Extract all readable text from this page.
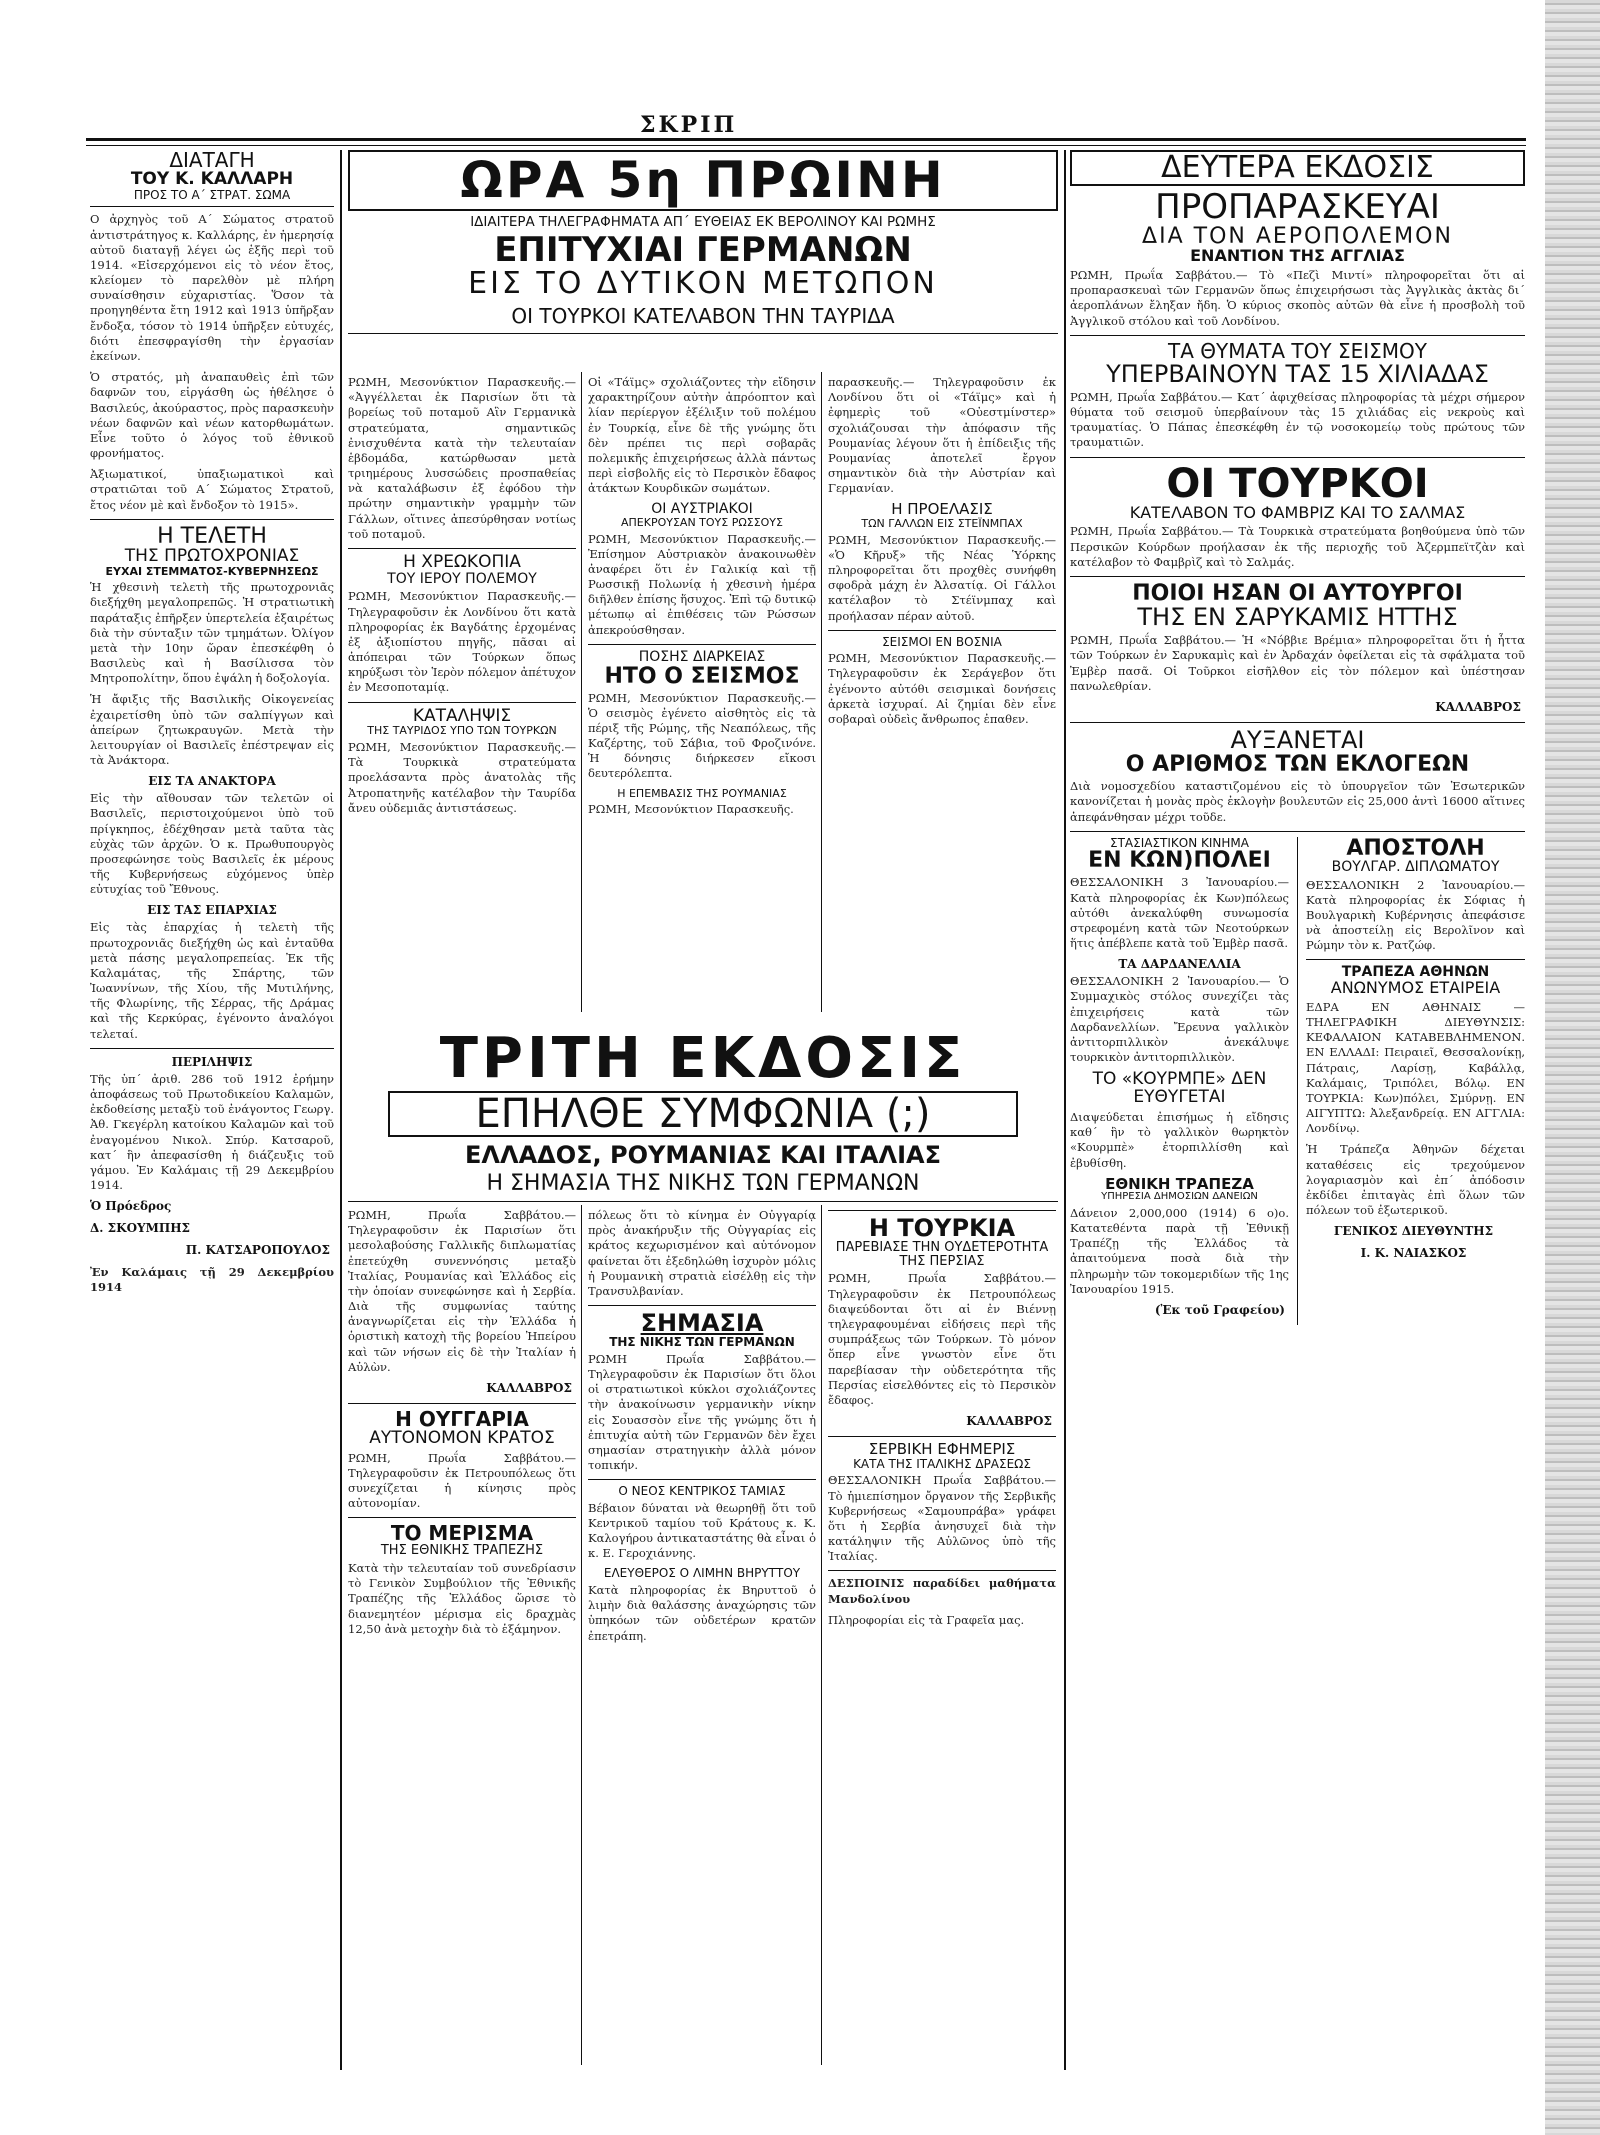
ΣΚΡΙΠ
ΔΙΑΤΑΓΗ
ΤΟΥ Κ. ΚΑΛΛΑΡΗ
ΠΡΟΣ ΤΟ Α΄ ΣΤΡΑΤ. ΣΩΜΑ
Ο ἀρχηγὸς τοῦ Α΄ Σώματος στρατοῦ ἀντιστράτηγος κ. Καλλάρης, ἐν ἡμερησίᾳ αὐτοῦ διαταγῇ λέγει ὡς ἑξῆς περὶ τοῦ 1914. «Εἰσερχόμενοι εἰς τὸ νέον ἔτος, κλείομεν τὸ παρελθὸν μὲ πλήρη συναίσθησιν εὐχαριστίας. Ὅσον τὰ προηγηθέντα ἔτη 1912 καὶ 1913 ὑπῆρξαν ἔνδοξα, τόσον τὸ 1914 ὑπῆρξεν εὐτυχές, διότι ἐπεσφραγίσθη τὴν ἐργασίαν ἐκείνων.
Ὁ στρατός, μὴ ἀναπαυθεὶς ἐπὶ τῶν δαφνῶν του, εἰργάσθη ὡς ἠθέλησε ὁ Βασιλεύς, ἀκούραστος, πρὸς παρασκευὴν νέων δαφνῶν καὶ νέων κατορθωμάτων. Εἶνε τοῦτο ὁ λόγος τοῦ ἐθνικοῦ φρονήματος.
Ἀξιωματικοί, ὑπαξιωματικοὶ καὶ στρατιῶται τοῦ Α΄ Σώματος Στρατοῦ, ἔτος νέον μὲ καὶ ἔνδοξον τὸ 1915».
Η ΤΕΛΕΤΗ
ΤΗΣ ΠΡΩΤΟΧΡΟΝΙΑΣ
ΕΥΧΑΙ ΣΤΕΜΜΑΤΟΣ-ΚΥΒΕΡΝΗΣΕΩΣ
Ἡ χθεσινὴ τελετὴ τῆς πρωτοχρονιᾶς διεξήχθη μεγαλοπρεπῶς. Ἡ στρατιωτικὴ παράταξις ἐπῆρξεν ὑπερτελεία ἐξαιρέτως διὰ τὴν σύνταξιν τῶν τμημάτων. Ὀλίγον μετὰ τὴν 10ην ὥραν ἐπεσκέφθη ὁ Βασιλεὺς καὶ ἡ Βασίλισσα τὸν Μητροπολίτην, ὅπου ἐψάλη ἡ δοξολογία.
Ἡ ἄφιξις τῆς Βασιλικῆς Οἰκογενείας ἐχαιρετίσθη ὑπὸ τῶν σαλπίγγων καὶ ἀπείρων ζητωκραυγῶν. Μετὰ τὴν λειτουργίαν οἱ Βασιλεῖς ἐπέστρεψαν εἰς τὰ Ἀνάκτορα.
ΕΙΣ ΤΑ ΑΝΑΚΤΟΡΑ
Εἰς τὴν αἴθουσαν τῶν τελετῶν οἱ Βασιλεῖς, περιστοιχούμενοι ὑπὸ τοῦ πρίγκηπος, ἐδέχθησαν μετὰ ταῦτα τὰς εὐχὰς τῶν ἀρχῶν. Ὁ κ. Πρωθυπουργὸς προσεφώνησε τοὺς Βασιλεῖς ἐκ μέρους τῆς Κυβερνήσεως εὐχόμενος ὑπὲρ εὐτυχίας τοῦ Ἔθνους.
ΕΙΣ ΤΑΣ ΕΠΑΡΧΙΑΣ
Εἰς τὰς ἐπαρχίας ἡ τελετὴ τῆς πρωτοχρονιᾶς διεξήχθη ὡς καὶ ἐνταῦθα μετὰ πάσης μεγαλοπρεπείας. Ἐκ τῆς Καλαμάτας, τῆς Σπάρτης, τῶν Ἰωαννίνων, τῆς Χίου, τῆς Μυτιλήνης, τῆς Φλωρίνης, τῆς Σέρρας, τῆς Δράμας καὶ τῆς Κερκύρας, ἐγένοντο ἀναλόγοι τελεταί.
ΠΕΡΙΛΗΨΙΣ
Τῆς ὑπ΄ ἀριθ. 286 τοῦ 1912 ἐρήμην ἀποφάσεως τοῦ Πρωτοδικείου Καλαμῶν, ἐκδοθείσης μεταξὺ τοῦ ἐνάγοντος Γεωργ. Ἀθ. Γκεγέρλη κατοίκου Καλαμῶν καὶ τοῦ ἐναγομένου Νικολ. Σπύρ. Κατσαροῦ, κατ΄ ἣν ἀπεφασίσθη ἡ διάζευξις τοῦ γάμου. Ἐν Καλάμαις τῇ 29 Δεκεμβρίου 1914.
Ὁ Πρόεδρος
Δ. ΣΚΟΥΜΠΗΣ
Π. ΚΑΤΣΑΡΟΠΟΥΛΟΣ
Ἐν Καλάμαις τῇ 29 Δεκεμβρίου 1914
ΩΡΑ 5η ΠΡΩΙΝΗ
ΙΔΙΑΙΤΕΡΑ ΤΗΛΕΓΡΑΦΗΜΑΤΑ ΑΠ΄ ΕΥΘΕΙΑΣ ΕΚ ΒΕΡΟΛΙΝΟΥ ΚΑΙ ΡΩΜΗΣ
ΕΠΙΤΥΧΙΑΙ ΓΕΡΜΑΝΩΝ
ΕΙΣ ΤΟ ΔΥΤΙΚΟΝ ΜΕΤΩΠΟΝ
ΟΙ ΤΟΥΡΚΟΙ ΚΑΤΕΛΑΒΟΝ ΤΗΝ ΤΑΥΡΙΔΑ
ΡΩΜΗ, Μεσονύκτιον Παρασκευῆς.— «Ἀγγέλλεται ἐκ Παρισίων ὅτι τὰ βορείως τοῦ ποταμοῦ Αἲν Γερμανικὰ στρατεύματα, σημαντικῶς ἐνισχυθέντα κατὰ τὴν τελευταίαν ἑβδομάδα, κατώρθωσαν μετὰ τριημέρους λυσσώδεις προσπαθείας νὰ καταλάβωσιν ἐξ ἐφόδου τὴν πρώτην σημαντικὴν γραμμὴν τῶν Γάλλων, οἵτινες ἀπεσύρθησαν νοτίως τοῦ ποταμοῦ.
Η ΧΡΕΩΚΟΠΙΑ
ΤΟΥ ΙΕΡΟΥ ΠΟΛΕΜΟΥ
ΡΩΜΗ, Μεσονύκτιον Παρασκευῆς.— Τηλεγραφοῦσιν ἐκ Λονδίνου ὅτι κατὰ πληροφορίας ἐκ Βαγδάτης ἐρχομένας ἐξ ἀξιοπίστου πηγῆς, πᾶσαι αἱ ἀπόπειραι τῶν Τούρκων ὅπως κηρύξωσι τὸν Ἱερὸν πόλεμον ἀπέτυχον ἐν Μεσοποταμίᾳ.
ΚΑΤΑΛΗΨΙΣ
ΤΗΣ ΤΑΥΡΙΔΟΣ ΥΠΟ ΤΩΝ ΤΟΥΡΚΩΝ
ΡΩΜΗ, Μεσονύκτιον Παρασκευῆς.— Τὰ Τουρκικὰ στρατεύματα προελάσαντα πρὸς ἀνατολὰς τῆς Ἀτροπατηνῆς κατέλαβον τὴν Ταυρίδα ἄνευ οὐδεμιᾶς ἀντιστάσεως.
Οἱ «Τάϊμς» σχολιάζοντες τὴν εἴδησιν χαρακτηρίζουν αὐτὴν ἀπρόοπτον καὶ λίαν περίεργον ἐξέλιξιν τοῦ πολέμου ἐν Τουρκίᾳ, εἶνε δὲ τῆς γνώμης ὅτι δὲν πρέπει τις περὶ σοβαρᾶς πολεμικῆς ἐπιχειρήσεως ἀλλὰ πάντως περὶ εἰσβολῆς εἰς τὸ Περσικὸν ἔδαφος ἀτάκτων Κουρδικῶν σωμάτων.
ΟΙ ΑΥΣΤΡΙΑΚΟΙ
ΑΠΕΚΡΟΥΣΑΝ ΤΟΥΣ ΡΩΣΣΟΥΣ
ΡΩΜΗ, Μεσονύκτιον Παρασκευῆς.— Ἐπίσημον Αὐστριακὸν ἀνακοινωθὲν ἀναφέρει ὅτι ἐν Γαλικίᾳ καὶ τῇ Ρωσσικῇ Πολωνίᾳ ἡ χθεσινὴ ἡμέρα διῆλθεν ἐπίσης ἥσυχος. Ἐπὶ τῷ δυτικῷ μέτωπῳ αἱ ἐπιθέσεις τῶν Ρώσσων ἀπεκρούσθησαν.
ΠΟΣΗΣ ΔΙΑΡΚΕΙΑΣ
ΗΤΟ Ο ΣΕΙΣΜΟΣ
ΡΩΜΗ, Μεσονύκτιον Παρασκευῆς.— Ὁ σεισμὸς ἐγένετο αἰσθητὸς εἰς τὰ πέριξ τῆς Ρώμης, τῆς Νεαπόλεως, τῆς Καζέρτης, τοῦ Σάβια, τοῦ Φροζινόνε. Ἡ δόνησις διήρκεσεν εἴκοσι δευτερόλεπτα.
Η ΕΠΕΜΒΑΣΙΣ ΤΗΣ ΡΟΥΜΑΝΙΑΣ
ΡΩΜΗ, Μεσονύκτιον Παρασκευῆς.
παρασκευῆς.— Τηλεγραφοῦσιν ἐκ Λονδίνου ὅτι οἱ «Τάϊμς» καὶ ἡ ἐφημερὶς τοῦ «Οὐεστμίνστερ» σχολιάζουσαι τὴν ἀπόφασιν τῆς Ρουμανίας λέγουν ὅτι ἡ ἐπίδειξις τῆς Ρουμανίας ἀποτελεῖ ἔργον σημαντικὸν διὰ τὴν Αὐστρίαν καὶ Γερμανίαν.
Η ΠΡΟΕΛΑΣΙΣ
ΤΩΝ ΓΑΛΛΩΝ ΕΙΣ ΣΤΕΪΝΜΠΑΧ
ΡΩΜΗ, Μεσονύκτιον Παρασκευῆς.— «Ὁ Κῆρυξ» τῆς Νέας Ὑόρκης πληροφορεῖται ὅτι προχθὲς συνήφθη σφοδρὰ μάχη ἐν Ἀλσατίᾳ. Οἱ Γάλλοι κατέλαβον τὸ Στέϊνμπαχ καὶ προήλασαν πέραν αὐτοῦ.
ΣΕΙΣΜΟΙ ΕΝ ΒΟΣΝΙΑ
ΡΩΜΗ, Μεσονύκτιον Παρασκευῆς.— Τηλεγραφοῦσιν ἐκ Σεράγεβον ὅτι ἐγένοντο αὐτόθι σεισμικαὶ δονήσεις ἀρκετὰ ἰσχυραί. Αἱ ζημίαι δὲν εἶνε σοβαραὶ οὐδεὶς ἄνθρωπος ἐπαθεν.
ΤΡΙΤΗ ΕΚΔΟΣΙΣ
ΕΠΗΛΘΕ ΣΥΜΦΩΝΙΑ (;)
ΕΛΛΑΔΟΣ, ΡΟΥΜΑΝΙΑΣ ΚΑΙ ΙΤΑΛΙΑΣ
Η ΣΗΜΑΣΙΑ ΤΗΣ ΝΙΚΗΣ ΤΩΝ ΓΕΡΜΑΝΩΝ
ΡΩΜΗ, Πρωΐα Σαββάτου.— Τηλεγραφοῦσιν ἐκ Παρισίων ὅτι μεσολαβούσης Γαλλικῆς διπλωματίας ἐπετεύχθη συνεννόησις μεταξὺ Ἰταλίας, Ρουμανίας καὶ Ἑλλάδος εἰς τὴν ὁποίαν συνεφώνησε καὶ ἡ Σερβία. Διὰ τῆς συμφωνίας ταύτης ἀναγνωρίζεται εἰς τὴν Ἑλλάδα ἡ ὁριστικὴ κατοχὴ τῆς βορείου Ἠπείρου καὶ τῶν νήσων εἰς δὲ τὴν Ἰταλίαν ἡ Αὐλὼν.
ΚΑΛΛΑΒΡΟΣ
Η ΟΥΓΓΑΡΙΑ
ΑΥΤΟΝΟΜΟΝ ΚΡΑΤΟΣ
ΡΩΜΗ, Πρωΐα Σαββάτου.— Τηλεγραφοῦσιν ἐκ Πετρουπόλεως ὅτι συνεχίζεται ἡ κίνησις πρὸς αὐτονομίαν.
ΤΟ ΜΕΡΙΣΜΑ
ΤΗΣ ΕΘΝΙΚΗΣ ΤΡΑΠΕΖΗΣ
Κατὰ τὴν τελευταίαν τοῦ συνεδρίασιν τὸ Γενικὸν Συμβούλιον τῆς Ἐθνικῆς Τραπέζης τῆς Ἑλλάδος ὥρισε τὸ διανεμητέον μέρισμα εἰς δραχμὰς 12,50 ἀνὰ μετοχὴν διὰ τὸ ἑξάμηνον.
πόλεως ὅτι τὸ κίνημα ἐν Οὐγγαρίᾳ πρὸς ἀνακήρυξιν τῆς Οὐγγαρίας εἰς κράτος κεχωρισμένον καὶ αὐτόνομον φαίνεται ὅτι ἐξεδηλώθη ἰσχυρὸν μόλις ἡ Ρουμανικὴ στρατιὰ εἰσέλθῃ εἰς τὴν Τρανσυλβανίαν.
ΣΗΜΑΣΙΑ
ΤΗΣ ΝΙΚΗΣ ΤΩΝ ΓΕΡΜΑΝΩΝ
ΡΩΜΗ Πρωΐα Σαββάτου.— Τηλεγραφοῦσιν ἐκ Παρισίων ὅτι ὅλοι οἱ στρατιωτικοὶ κύκλοι σχολιάζοντες τὴν ἀνακοίνωσιν γερμανικὴν νίκην εἰς Σουασσὸν εἶνε τῆς γνώμης ὅτι ἡ ἐπιτυχία αὐτὴ τῶν Γερμανῶν δὲν ἔχει σημασίαν στρατηγικὴν ἀλλὰ μόνον τοπικήν.
Ο ΝΕΟΣ ΚΕΝΤΡΙΚΟΣ ΤΑΜΙΑΣ
Βέβαιον δύναται νὰ θεωρηθῇ ὅτι τοῦ Κεντρικοῦ ταμίου τοῦ Κράτους κ. Κ. Καλογήρου ἀντικαταστάτης θὰ εἶναι ὁ κ. Ε. Γεροχιάννης.
ΕΛΕΥΘΕΡΟΣ Ο ΛΙΜΗΝ ΒΗΡΥΤΤΟΥ
Κατὰ πληροφορίας ἐκ Βηρυττοῦ ὁ λιμὴν διὰ θαλάσσης ἀναχώρησις τῶν ὑπηκόων τῶν οὐδετέρων κρατῶν ἐπετράπη.
Η ΤΟΥΡΚΙΑ
ΠΑΡΕΒΙΑΣΕ ΤΗΝ ΟΥΔΕΤΕΡΟΤΗΤΑ ΤΗΣ ΠΕΡΣΙΑΣ
ΡΩΜΗ, Πρωΐα Σαββάτου.— Τηλεγραφοῦσιν ἐκ Πετρουπόλεως διαψεύδονται ὅτι αἱ ἐν Βιέννῃ τηλεγραφουμέναι εἰδήσεις περὶ τῆς συμπράξεως τῶν Τούρκων. Τὸ μόνον ὅπερ εἶνε γνωστὸν εἶνε ὅτι παρεβίασαν τὴν οὐδετερότητα τῆς Περσίας εἰσελθόντες εἰς τὸ Περσικὸν ἔδαφος.
ΚΑΛΛΑΒΡΟΣ
ΣΕΡΒΙΚΗ ΕΦΗΜΕΡΙΣ
ΚΑΤΑ ΤΗΣ ΙΤΑΛΙΚΗΣ ΔΡΑΣΕΩΣ
ΘΕΣΣΑΛΟΝΙΚΗ Πρωΐα Σαββάτου.— Τὸ ἡμιεπίσημον ὄργανον τῆς Σερβικῆς Κυβερνήσεως «Σαμουπράβα» γράφει ὅτι ἡ Σερβία ἀνησυχεῖ διὰ τὴν κατάληψιν τῆς Αὐλῶνος ὑπὸ τῆς Ἰταλίας.
ΔΕΣΠΟΙΝΙΣ παραδίδει μαθήματα Μανδολίνου
Πληροφορίαι εἰς τὰ Γραφεῖα μας.
ΔΕΥΤΕΡΑ ΕΚΔΟΣΙΣ
ΠΡΟΠΑΡΑΣΚΕΥΑΙ
ΔΙΑ ΤΟΝ ΑΕΡΟΠΟΛΕΜΟΝ
ΕΝΑΝΤΙΟΝ ΤΗΣ ΑΓΓΛΙΑΣ
ΡΩΜΗ, Πρωΐα Σαββάτου.— Τὸ «Πεζὶ Μιντί» πληροφορεῖται ὅτι αἱ προπαρασκευαὶ τῶν Γερμανῶν ὅπως ἐπιχειρήσωσι τὰς Ἀγγλικὰς ἀκτὰς δι΄ ἀεροπλάνων ἔληξαν ἤδη. Ὁ κύριος σκοπὸς αὐτῶν θὰ εἶνε ἡ προσβολὴ τοῦ Ἀγγλικοῦ στόλου καὶ τοῦ Λονδίνου.
ΤΑ ΘΥΜΑΤΑ ΤΟΥ ΣΕΙΣΜΟΥ
ΥΠΕΡΒΑΙΝΟΥΝ ΤΑΣ 15 ΧΙΛΙΑΔΑΣ
ΡΩΜΗ, Πρωΐα Σαββάτου.— Κατ΄ ἀφιχθείσας πληροφορίας τὰ μέχρι σήμερον θύματα τοῦ σεισμοῦ ὑπερβαίνουν τὰς 15 χιλιάδας εἰς νεκροὺς καὶ τραυματίας. Ὁ Πάπας ἐπεσκέφθη ἐν τῷ νοσοκομείῳ τοὺς πρώτους τῶν τραυματιῶν.
ΟΙ ΤΟΥΡΚΟΙ
ΚΑΤΕΛΑΒΟΝ ΤΟ ΦΑΜΒΡΙΖ ΚΑΙ ΤΟ ΣΑΛΜΑΣ
ΡΩΜΗ, Πρωΐα Σαββάτου.— Τὰ Τουρκικὰ στρατεύματα βοηθούμενα ὑπὸ τῶν Περσικῶν Κούρδων προήλασαν ἐκ τῆς περιοχῆς τοῦ Ἀζερμπεϊτζὰν καὶ κατέλαβον τὸ Φαμβρὶζ καὶ τὸ Σαλμάς.
ΠΟΙΟΙ ΗΣΑΝ ΟΙ ΑΥΤΟΥΡΓΟΙ
ΤΗΣ ΕΝ ΣΑΡΥΚΑΜΙΣ ΗΤΤΗΣ
ΡΩΜΗ, Πρωΐα Σαββάτου.— Ἡ «Νόββιε Βρέμια» πληροφορεῖται ὅτι ἡ ἧττα τῶν Τούρκων ἐν Σαρυκαμὶς καὶ ἐν Ἀρδαχάν ὀφείλεται εἰς τὰ σφάλματα τοῦ Ἐμβὲρ πασᾶ. Οἱ Τοῦρκοι εἰσῆλθον εἰς τὸν πόλεμον καὶ ὑπέστησαν πανωλεθρίαν.
ΚΑΛΛΑΒΡΟΣ
ΑΥΞΑΝΕΤΑΙ
Ο ΑΡΙΘΜΟΣ ΤΩΝ ΕΚΛΟΓΕΩΝ
Διὰ νομοσχεδίου καταστιζομένου εἰς τὸ ὑπουργεῖον τῶν Ἐσωτερικῶν κανονίζεται ἡ μονὰς πρὸς ἐκλογὴν βουλευτῶν εἰς 25,000 ἀντὶ 16000 αἵτινες ἀπεφάνθησαν μέχρι τοῦδε.
ΣΤΑΣΙΑΣΤΙΚΟΝ ΚΙΝΗΜΑ
ΕΝ ΚΩΝ)ΠΟΛΕΙ
ΘΕΣΣΑΛΟΝΙΚΗ 3 Ἰανουαρίου.— Κατὰ πληροφορίας ἐκ Κων)πόλεως αὐτόθι ἀνεκαλύφθη συνωμοσία στρεφομένη κατὰ τῶν Νεοτούρκων ἥτις ἀπέβλεπε κατὰ τοῦ Ἐμβὲρ πασᾶ.
ΤΑ ΔΑΡΔΑΝΕΛΛΙΑ
ΘΕΣΣΑΛΟΝΙΚΗ 2 Ἰανουαρίου.— Ὁ Συμμαχικὸς στόλος συνεχίζει τὰς ἐπιχειρήσεις κατὰ τῶν Δαρδανελλίων. Ἔρευνα γαλλικὸν ἀντιτορπιλλικὸν ἀνεκάλυψε τουρκικὸν ἀντιτορπιλλικὸν.
ΤΟ «ΚΟΥΡΜΠΕ» ΔΕΝ ΕΥΘΥΓΕΤΑΙ
Διαψεύδεται ἐπισήμως ἡ εἴδησις καθ΄ ἣν τὸ γαλλικὸν θωρηκτὸν «Κουρμπὲ» ἐτορπιλλίσθη καὶ ἐβυθίσθη.
ΕΘΝΙΚΗ ΤΡΑΠΕΖΑ
ΥΠΗΡΕΣΙΑ ΔΗΜΟΣΙΩΝ ΔΑΝΕΙΩΝ
Δάνειον 2,000,000 (1914) 6 ο)ο. Κατατεθέντα παρὰ τῇ Ἐθνικῇ Τραπέζῃ τῆς Ἑλλάδος τὰ ἀπαιτούμενα ποσὰ διὰ τὴν πληρωμὴν τῶν τοκομεριδίων τῆς 1ης Ἰανουαρίου 1915.
(Ἐκ τοῦ Γραφείου)
ΑΠΟΣΤΟΛΗ
ΒΟΥΛΓΑΡ. ΔΙΠΛΩΜΑΤΟΥ
ΘΕΣΣΑΛΟΝΙΚΗ 2 Ἰανουαρίου.— Κατὰ πληροφορίας ἐκ Σόφιας ἡ Βουλγαρικὴ Κυβέρνησις ἀπεφάσισε νὰ ἀποστείλῃ εἰς Βερολῖνον καὶ Ρώμην τὸν κ. Ρατζώφ.
ΤΡΑΠΕΖΑ ΑΘΗΝΩΝ
ΑΝΩΝΥΜΟΣ ΕΤΑΙΡΕΙΑ
ΕΔΡΑ ΕΝ ΑΘΗΝΑΙΣ — ΤΗΛΕΓΡΑΦΙΚΗ ΔΙΕΥΘΥΝΣΙΣ: ΚΕΦΑΛΑΙΟΝ ΚΑΤΑΒΕΒΛΗΜΕΝΟΝ. ΕΝ ΕΛΛΑΔΙ: Πειραιεῖ, Θεσσαλονίκῃ, Πάτραις, Λαρίσῃ, Καβάλλᾳ, Καλάμαις, Τριπόλει, Βόλῳ. ΕΝ ΤΟΥΡΚΙΑ: Κων)πόλει, Σμύρνῃ. ΕΝ ΑΙΓΥΠΤΩ: Ἀλεξανδρείᾳ. ΕΝ ΑΓΓΛΙΑ: Λονδίνῳ.
Ἡ Τράπεζα Ἀθηνῶν δέχεται καταθέσεις εἰς τρεχούμενον λογαριασμὸν καὶ ἐπ΄ ἀπόδοσιν ἐκδίδει ἐπιταγὰς ἐπὶ ὅλων τῶν πόλεων τοῦ ἐξωτερικοῦ.
ΓΕΝΙΚΟΣ ΔΙΕΥΘΥΝΤΗΣ
Ι. Κ. ΝΑΙΑΣΚΟΣ
